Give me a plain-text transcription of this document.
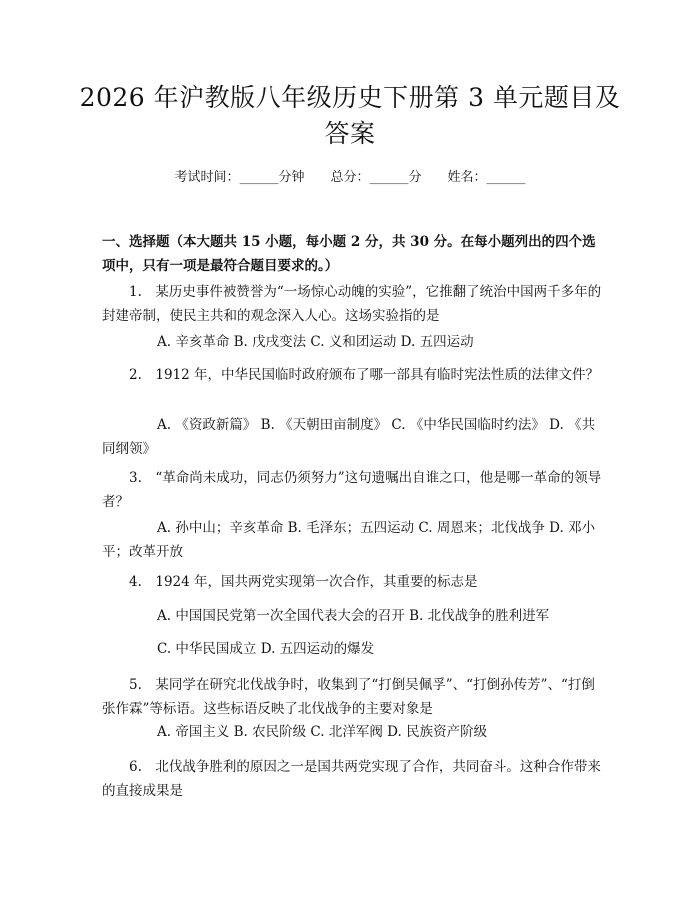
2026 年沪教版八年级历史下册第 3 单元题目及答案
考试时间：______分钟 总分：______分 姓名：______
一、选择题（本大题共 15 小题，每小题 2 分，共 30 分。在每小题列出的四个选项中，只有一项是最符合题目要求的。）
1.　某历史事件被赞誉为“一场惊心动魄的实验”，它推翻了统治中国两千多年的封建帝制，使民主共和的观念深入人心。这场实验指的是
A. 辛亥革命 B. 戊戌变法 C. 义和团运动 D. 五四运动
2.　1912 年，中华民国临时政府颁布了哪一部具有临时宪法性质的法律文件？
A. 《资政新篇》 B. 《天朝田亩制度》 C. 《中华民国临时约法》 D. 《共同纲领》
3.　“革命尚未成功，同志仍须努力”这句遗嘱出自谁之口，他是哪一革命的领导者？
A. 孙中山；辛亥革命 B. 毛泽东；五四运动 C. 周恩来；北伐战争 D. 邓小平；改革开放
4.　1924 年，国共两党实现第一次合作，其重要的标志是
A. 中国国民党第一次全国代表大会的召开 B. 北伐战争的胜利进军
C. 中华民国成立 D. 五四运动的爆发
5.　某同学在研究北伐战争时，收集到了“打倒吴佩孚”、“打倒孙传芳”、“打倒张作霖”等标语。这些标语反映了北伐战争的主要对象是
A. 帝国主义 B. 农民阶级 C. 北洋军阀 D. 民族资产阶级
6.　北伐战争胜利的原因之一是国共两党实现了合作，共同奋斗。这种合作带来的直接成果是
